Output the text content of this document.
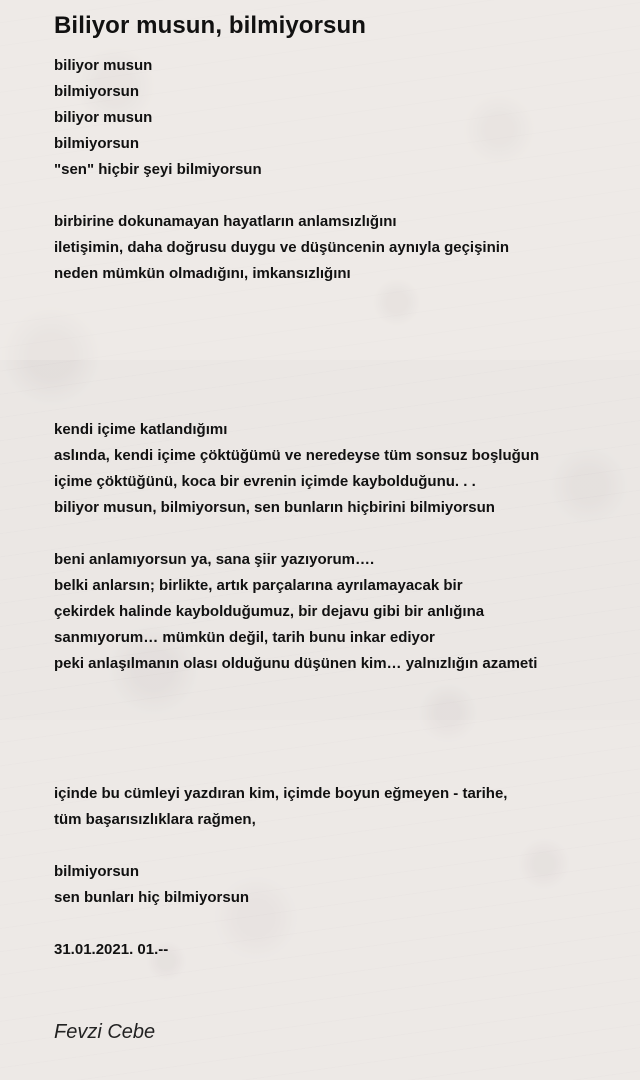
Biliyor musun, bilmiyorsun
biliyor musun
bilmiyorsun
biliyor musun
bilmiyorsun
"sen" hiçbir şeyi bilmiyorsun
birbirine dokunamayan hayatların anlamsızlığını
iletişimin, daha doğrusu duygu ve düşüncenin aynıyla geçişinin
neden mümkün olmadığını, imkansızlığını
kendi içime katlandığımı
aslında, kendi içime çöktüğümü ve neredeyse tüm sonsuz boşluğun
içime çöktüğünü, koca bir evrenin içimde kaybolduğunu. . .
biliyor musun, bilmiyorsun, sen bunların hiçbirini bilmiyorsun
beni anlamıyorsun ya, sana şiir yazıyorum….
belki anlarsın; birlikte, artık parçalarına ayrılamayacak bir
çekirdek halinde kaybolduğumuz, bir dejavu gibi bir anlığına
sanmıyorum… mümkün değil, tarih bunu inkar ediyor
peki anlaşılmanın olası olduğunu düşünen kim… yalnızlığın azameti
içinde bu cümleyi yazdıran kim, içimde boyun eğmeyen - tarihe,
tüm başarısızlıklara rağmen,
bilmiyorsun
sen bunları hiç bilmiyorsun
31.01.2021. 01.--
Fevzi Cebe
